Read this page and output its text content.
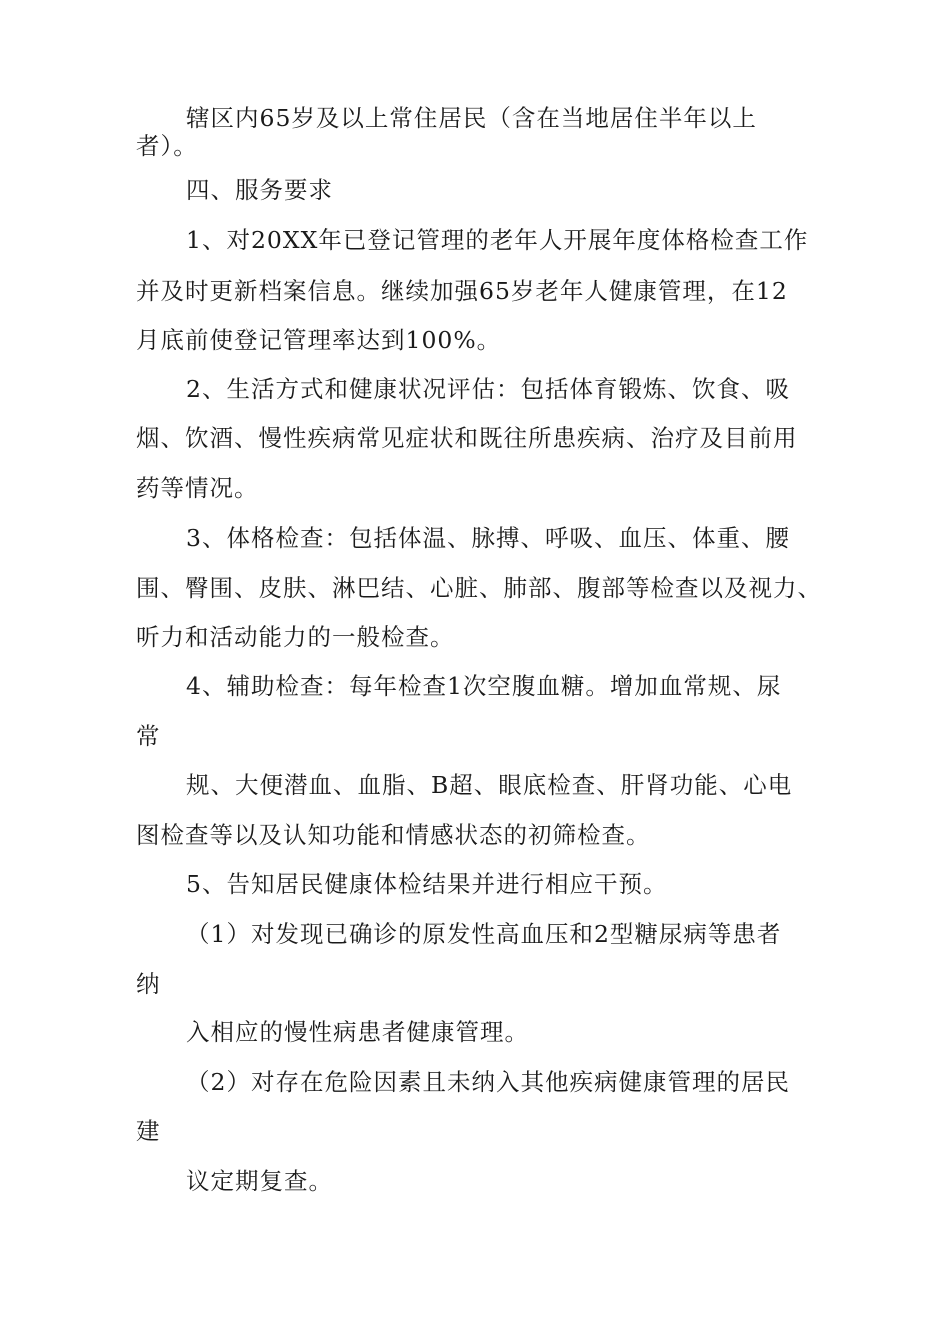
辖区内65岁及以上常住居民（含在当地居住半年以上
者）。
四、服务要求
1、对20XX年已登记管理的老年人开展年度体格检查工作
并及时更新档案信息。继续加强65岁老年人健康管理，在12
月底前使登记管理率达到100%。
2、生活方式和健康状况评估：包括体育锻炼、饮食、吸
烟、饮酒、慢性疾病常见症状和既往所患疾病、治疗及目前用
药等情况。
3、体格检查：包括体温、脉搏、呼吸、血压、体重、腰
围、臀围、皮肤、淋巴结、心脏、肺部、腹部等检查以及视力、
听力和活动能力的一般检查。
4、辅助检查：每年检查1次空腹血糖。增加血常规、尿
常
规、大便潜血、血脂、B超、眼底检查、肝肾功能、心电
图检查等以及认知功能和情感状态的初筛检查。
5、告知居民健康体检结果并进行相应干预。
（1）对发现已确诊的原发性高血压和2型糖尿病等患者
纳
入相应的慢性病患者健康管理。
（2）对存在危险因素且未纳入其他疾病健康管理的居民
建
议定期复查。
